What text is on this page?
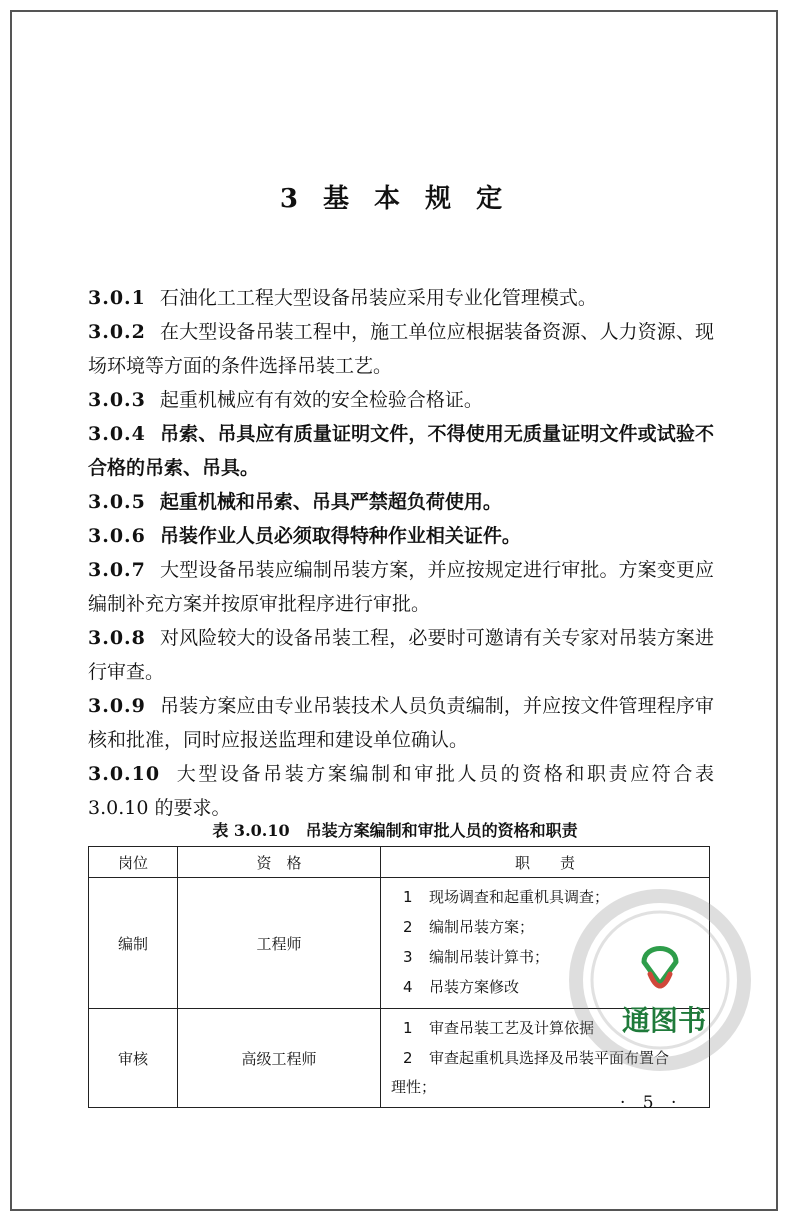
3 基 本 规 定
3.0.1 石油化工工程大型设备吊装应采用专业化管理模式。
3.0.2 在大型设备吊装工程中，施工单位应根据装备资源、人力资源、现场环境等方面的条件选择吊装工艺。
3.0.3 起重机械应有有效的安全检验合格证。
3.0.4 吊索、吊具应有质量证明文件，不得使用无质量证明文件或试验不合格的吊索、吊具。
3.0.5 起重机械和吊索、吊具严禁超负荷使用。
3.0.6 吊装作业人员必须取得特种作业相关证件。
3.0.7 大型设备吊装应编制吊装方案，并应按规定进行审批。方案变更应编制补充方案并按原审批程序进行审批。
3.0.8 对风险较大的设备吊装工程，必要时可邀请有关专家对吊装方案进行审查。
3.0.9 吊装方案应由专业吊装技术人员负责编制，并应按文件管理程序审核和批准，同时应报送监理和建设单位确认。
3.0.10 大型设备吊装方案编制和审批人员的资格和职责应符合表 3.0.10 的要求。
表 3.0.10 吊装方案编制和审批人员的资格和职责
岗位	资　格	职　　责
编制	工程师	1 现场调查和起重机具调查；
2 编制吊装方案；
3 编制吊装计算书；
4 吊装方案修改

审核	高级工程师	1 审查吊装工艺及计算依据
2 审查起重机具选择及吊装平面布置合
理性；
通图书
· 5 ·
